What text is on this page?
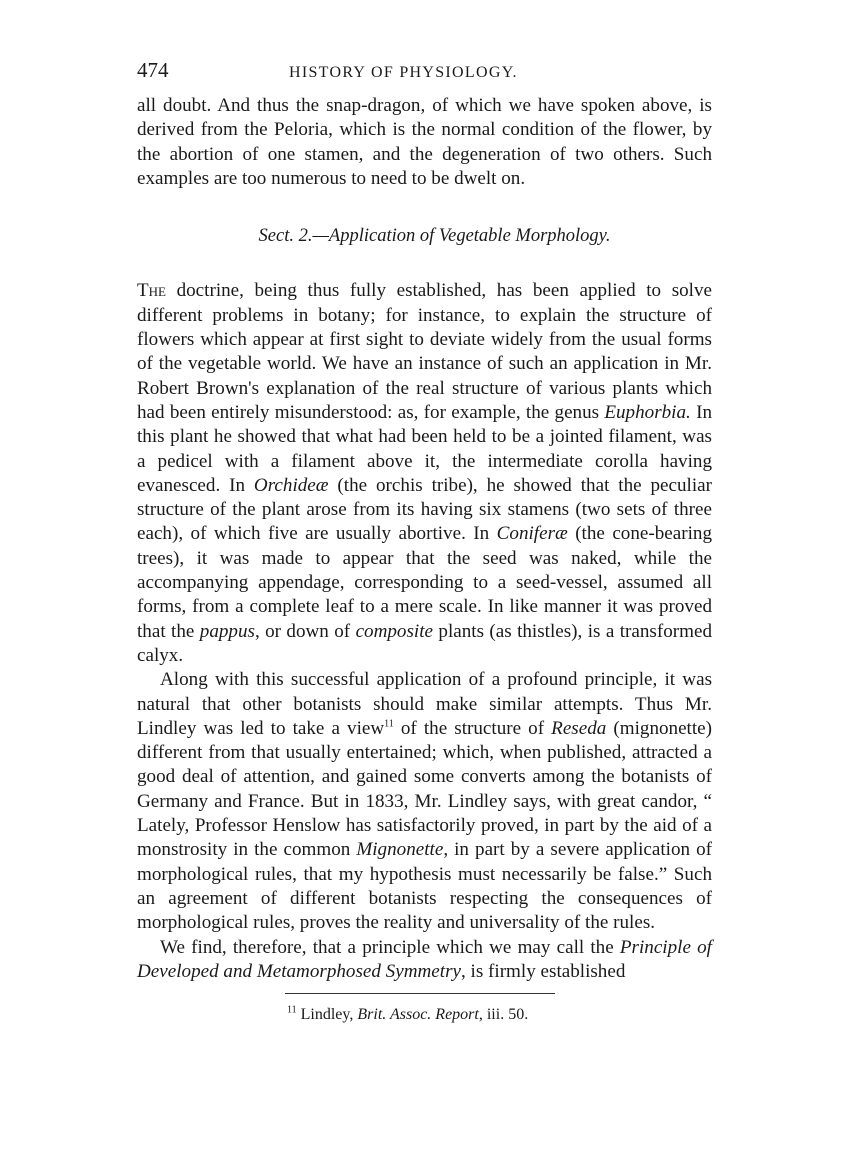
474	HISTORY OF PHYSIOLOGY.

all doubt. And thus the snap-dragon, of which we have spoken above, is derived from the Peloria, which is the normal condition of the flower, by the abortion of one stamen, and the degeneration of two others. Such examples are too numerous to need to be dwelt on.

Sect. 2.—Application of Vegetable Morphology.

The doctrine, being thus fully established, has been applied to solve different problems in botany; for instance, to explain the structure of flowers which appear at first sight to deviate widely from the usual forms of the vegetable world. We have an instance of such an application in Mr. Robert Brown's explanation of the real structure of various plants which had been entirely misunderstood: as, for example, the genus Euphorbia. In this plant he showed that what had been held to be a jointed filament, was a pedicel with a filament above it, the intermediate corolla having evanesced. In Orchideæ (the orchis tribe), he showed that the peculiar structure of the plant arose from its having six stamens (two sets of three each), of which five are usually abortive. In Coniferæ (the cone-bearing trees), it was made to appear that the seed was naked, while the accompanying appendage, corresponding to a seed-vessel, assumed all forms, from a complete leaf to a mere scale. In like manner it was proved that the pappus, or down of composite plants (as thistles), is a transformed calyx.

Along with this successful application of a profound principle, it was natural that other botanists should make similar attempts. Thus Mr. Lindley was led to take a view$^{11}$ of the structure of Reseda (mignonette) different from that usually entertained; which, when published, attracted a good deal of attention, and gained some converts among the botanists of Germany and France. But in 1833, Mr. Lindley says, with great candor, “ Lately, Professor Henslow has satisfactorily proved, in part by the aid of a monstrosity in the common Mignonette, in part by a severe application of morphological rules, that my hypothesis must necessarily be false.” Such an agreement of different botanists respecting the consequences of morphological rules, proves the reality and universality of the rules.

We find, therefore, that a principle which we may call the Principle of Developed and Metamorphosed Symmetry, is firmly established

$^{11}$ Lindley, Brit. Assoc. Report, iii. 50.
